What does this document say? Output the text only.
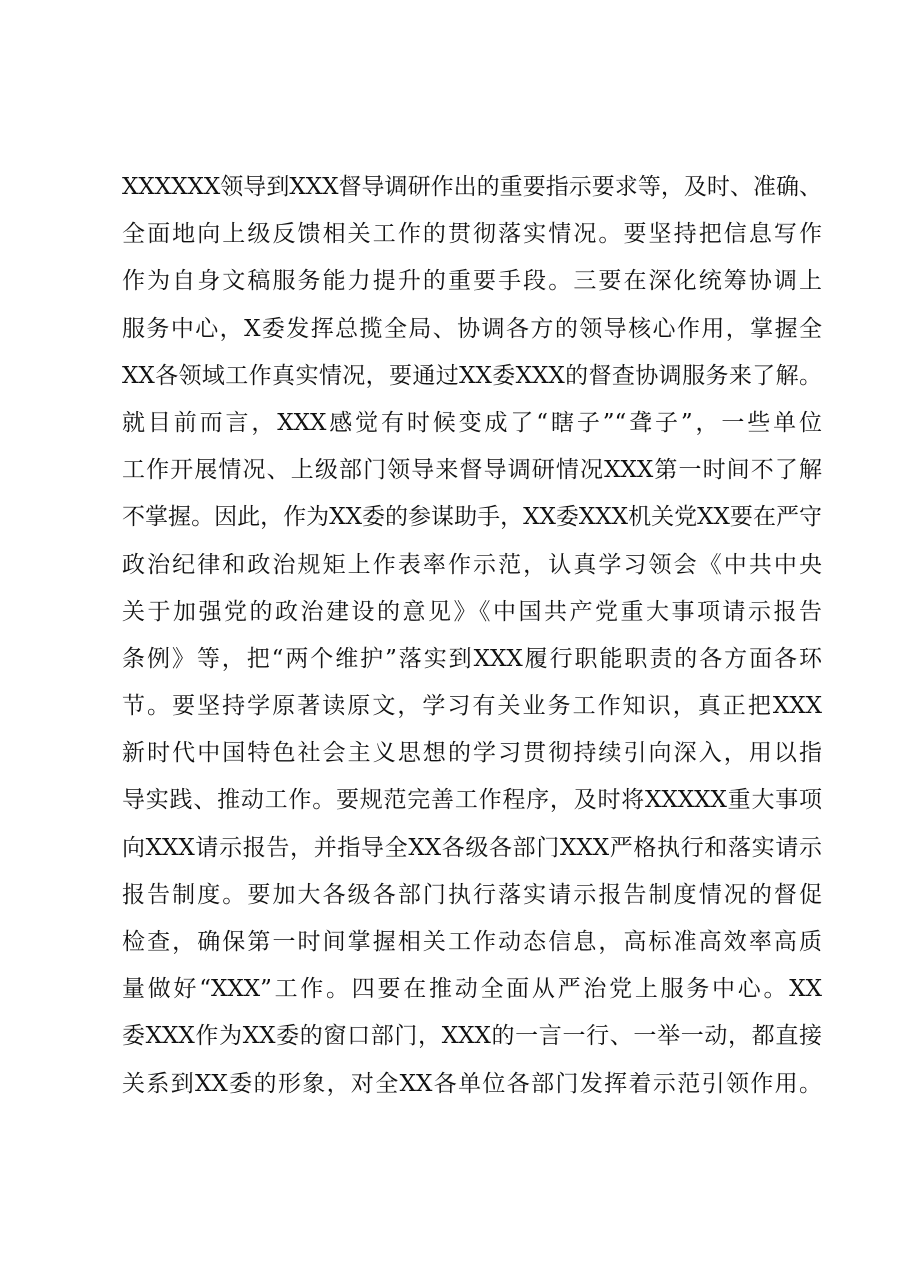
XXXXXX领导到XXX督导调研作出的重要指示要求等，及时、准确、
全面地向上级反馈相关工作的贯彻落实情况。要坚持把信息写作
作为自身文稿服务能力提升的重要手段。三要在深化统筹协调上
服务中心，X委发挥总揽全局、协调各方的领导核心作用，掌握全
XX各领域工作真实情况，要通过XX委XXX的督查协调服务来了解。
就目前而言，XXX感觉有时候变成了“瞎子”“聋子”，一些单位
工作开展情况、上级部门领导来督导调研情况XXX第一时间不了解
不掌握。因此，作为XX委的参谋助手，XX委XXX机关党XX要在严守
政治纪律和政治规矩上作表率作示范，认真学习领会《中共中央
关于加强党的政治建设的意见》《中国共产党重大事项请示报告
条例》等，把“两个维护”落实到XXX履行职能职责的各方面各环
节。要坚持学原著读原文，学习有关业务工作知识，真正把XXX
新时代中国特色社会主义思想的学习贯彻持续引向深入，用以指
导实践、推动工作。要规范完善工作程序，及时将XXXXX重大事项
向XXX请示报告，并指导全XX各级各部门XXX严格执行和落实请示
报告制度。要加大各级各部门执行落实请示报告制度情况的督促
检查，确保第一时间掌握相关工作动态信息，高标准高效率高质
量做好“XXX”工作。四要在推动全面从严治党上服务中心。XX
委XXX作为XX委的窗口部门，XXX的一言一行、一举一动，都直接
关系到XX委的形象，对全XX各单位各部门发挥着示范引领作用。
